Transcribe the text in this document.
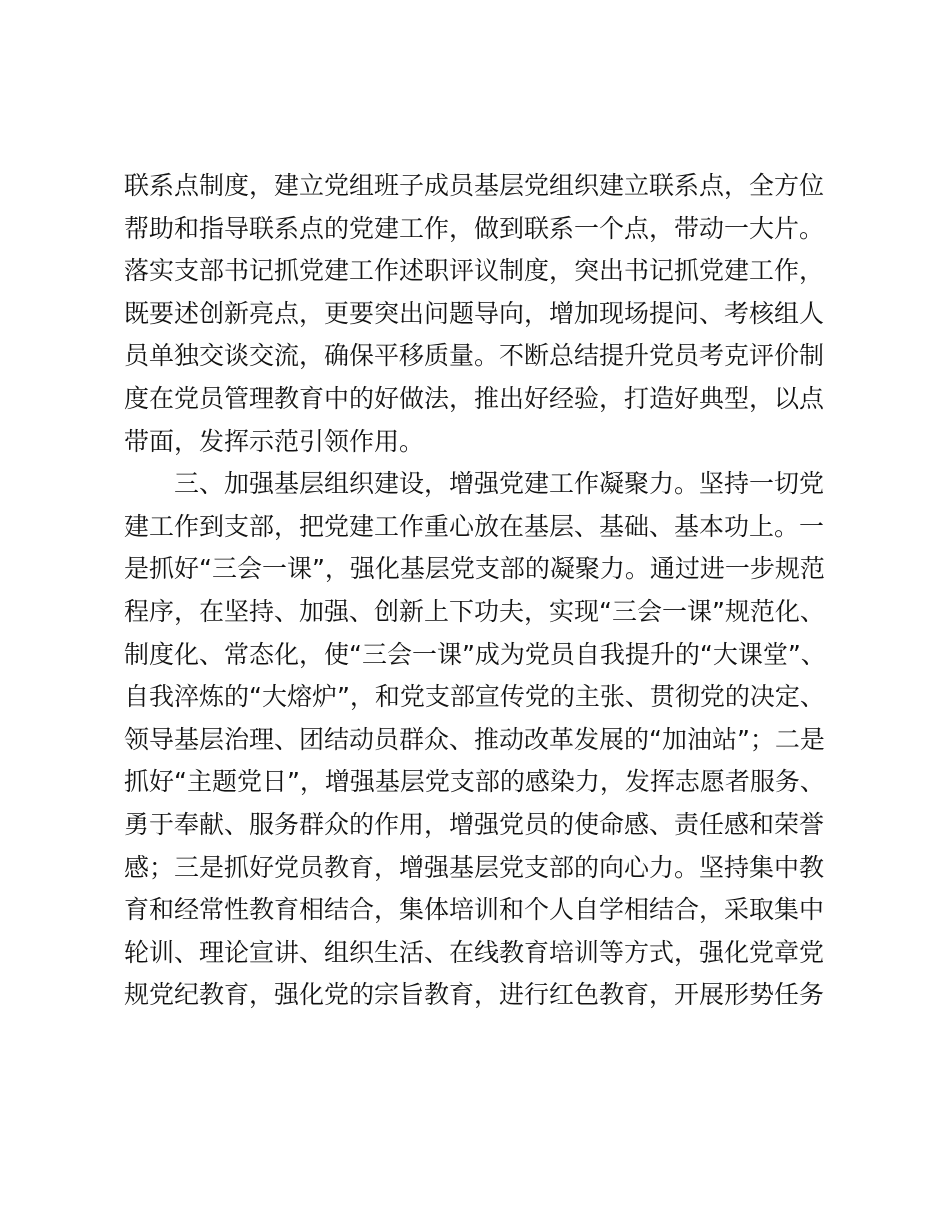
联系点制度，建立党组班子成员基层党组织建立联系点，全方位
帮助和指导联系点的党建工作，做到联系一个点，带动一大片。
落实支部书记抓党建工作述职评议制度，突出书记抓党建工作，
既要述创新亮点，更要突出问题导向，增加现场提问、考核组人
员单独交谈交流，确保平移质量。不断总结提升党员考克评价制
度在党员管理教育中的好做法，推出好经验，打造好典型，以点
带面，发挥示范引领作用。
　　三、加强基层组织建设，增强党建工作凝聚力。坚持一切党
建工作到支部，把党建工作重心放在基层、基础、基本功上。一
是抓好“三会一课”，强化基层党支部的凝聚力。通过进一步规范
程序，在坚持、加强、创新上下功夫，实现“三会一课”规范化、
制度化、常态化，使“三会一课”成为党员自我提升的“大课堂”、
自我淬炼的“大熔炉”，和党支部宣传党的主张、贯彻党的决定、
领导基层治理、团结动员群众、推动改革发展的“加油站”；二是
抓好“主题党日”，增强基层党支部的感染力，发挥志愿者服务、
勇于奉献、服务群众的作用，增强党员的使命感、责任感和荣誉
感；三是抓好党员教育，增强基层党支部的向心力。坚持集中教
育和经常性教育相结合，集体培训和个人自学相结合，采取集中
轮训、理论宣讲、组织生活、在线教育培训等方式，强化党章党
规党纪教育，强化党的宗旨教育，进行红色教育，开展形势任务
